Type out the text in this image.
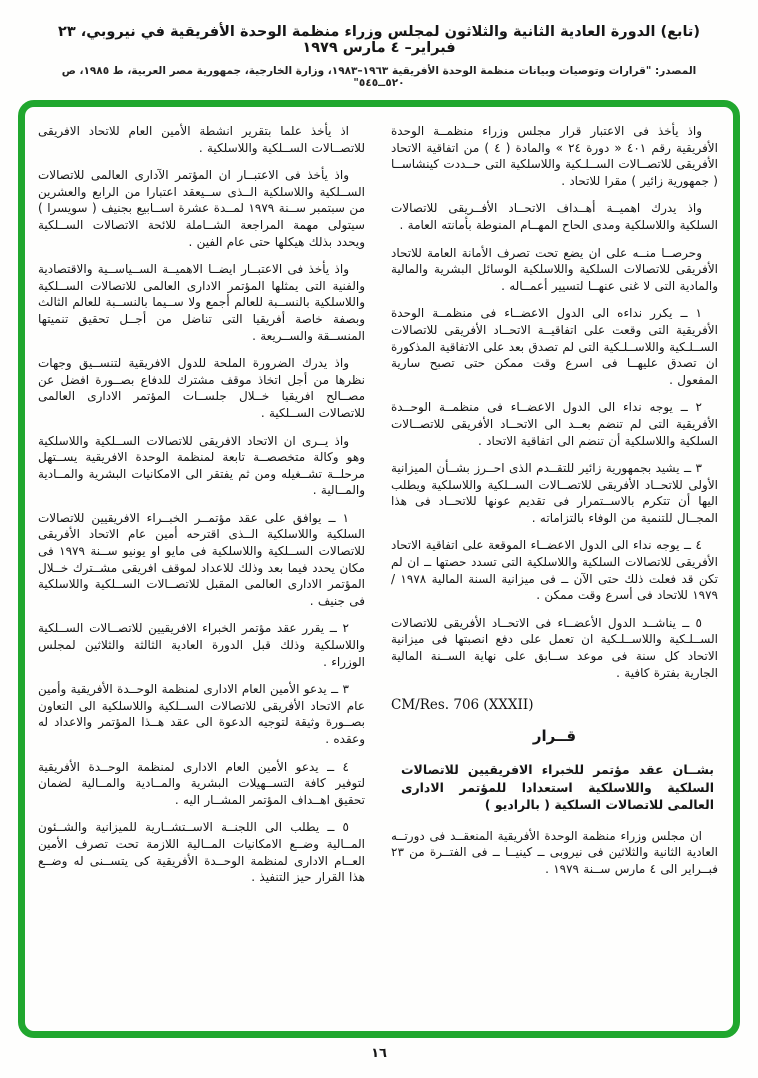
(تابع) الدورة العادية الثانية والثلاثون لمجلس وزراء منظمة الوحدة الأفريقية في نيروبي، ٢٣ فبراير– ٤ مارس ١٩٧٩
المصدر: "قرارات وتوصيات وبيانات منظمة الوحدة الأفريقية ١٩٦٣–١٩٨٣، وزارة الخارجية، جمهورية مصر العربية، ط ١٩٨٥، ص ٥٢٠ــ٥٤٥"

واذ يأخذ فى الاعتبار قرار مجلس وزراء منظمــة الوحدة الأفريقية رقم ٤٠١ « دورة ٢٤ » والمادة ( ٤ ) من اتفاقية الاتحاد الأفريقى للاتصــالات الســلـكية واللاسلكية التى حــددت كينشاســا ( جمهورية زائير ) مقرا للاتحاد .

واذ يدرك اهميــة أهــداف الاتحــاد الأفــريقى للاتصالات السلكية واللاسلكية ومدى الحاح المهــام المنوطة بأمانته العامة .

وحرصــا منــه على ان يضع تحت تصرف الأمانة العامة للاتحاد الأفريقى للاتصالات السلكية واللاسلكية الوسائل البشرية والمالية والمادية التى لا غنى عنهــا لتسيير أعمــاله .

١ ــ يكرر نداءه الى الدول الاعضــاء فى منظمــة الوحدة الأفريقية التى وقعت على اتفاقيــة الاتحــاد الأفريقى للاتصالات الســلـكية واللاســلـكية التى لم تصدق بعد على الاتفاقية المذكورة ان تصدق عليهــا فى اسرع وقت ممكن حتى تصبح سارية المفعول .

٢ ــ يوجه نداء الى الدول الاعضــاء فى منظمــة الوحــدة الأفريقية التى لم تنضم بعــد الى الاتحــاد الأفريقى للاتصــالات السلكية واللاسلكية أن تنضم الى اتفاقية الاتحاد .

٣ ــ يشيد بجمهورية زائير للتقــدم الذى احــرز بشــأن الميزانية الأولى للاتحــاد الأفريقى للاتصــالات الســلكية واللاسلكية ويطلب اليها أن تتكرم بالاســتمرار فى تقديم عونها للاتحــاد فى هذا المجــال للتنمية من الوفاء بالتزاماته .

٤ ــ يوجه نداء الى الدول الاعضــاء الموقعة على اتفاقية الاتحاد الأفريقى للاتصالات السلكية واللاسلكية التى تسدد حصتها ــ ان لم تكن قد فعلت ذلك حتى الآن ــ فى ميزانية السنة المالية ١٩٧٨ / ١٩٧٩ للاتحاد فى أسرع وقت ممكن .

٥ ــ يناشــد الدول الأعضــاء فى الاتحــاد الأفريقى للاتصالات الســلـكية واللاســلـكية ان تعمل على دفع انصبتها فى ميزانية الاتحاد كل سنة فى موعد ســابق على نهاية الســنة المالية الجارية بفترة كافية .

CM/Res. 706 (XXXII)
قــرار
بشــان عقد مؤتمر للخبراء الافريقيين للاتصالات السلكية واللاسلكية استعدادا للمؤتمر الادارى العالمى للاتصالات السلكية ( بالراديو )

ان مجلس وزراء منظمة الوحدة الأفريقية المنعقــد فى دورتــه العادية الثانية والثلاثين فى نيروبى ــ كينيــا ــ فى الفتــرة من ٢٣ فبــراير الى ٤ مارس ســنة ١٩٧٩ .

اذ يأخذ علما بتقرير انشطة الأمين العام للاتحاد الافريقى للاتصــالات الســلكية واللاسلكية .

واذ يأخذ فى الاعتبــار ان المؤتمر الآدارى العالمى للاتصالات الســلكية واللاسلكية الــذى ســيعقد اعتبارا من الرابع والعشرين من سبتمبر ســنة ١٩٧٩ لمــدة عشرة اســابيع بجنيف ( سويسرا ) سيتولى مهمة المراجعة الشــاملة للائحة الاتصالات الســلكية ويحدد بذلك هيكلها حتى عام الفين .

واذ يأخذ فى الاعتبــار ايضــا الاهميــة الســياســية والاقتصادية والفنية التى يمثلها المؤتمر الادارى العالمى للاتصالات الســلكية واللاسلكية بالنســبة للعالم أجمع ولا ســيما بالنســبة للعالم الثالث وبصفة خاصة أفريقيا التى تناضل من أجــل تحقيق تنميتها المنســقة والســريعة .

واذ يدرك الضرورة الملحة للدول الافريقية لتنســيق وجهات نظرها من أجل اتخاذ موقف مشترك للدفاع بصــورة افضل عن مصــالح افريقيا خــلال جلســات المؤتمر الادارى العالمى للاتصالات الســلكية .

واذ يــرى ان الاتحاد الافريقى للاتصالات الســلكية واللاسلكية وهو وكالة متخصصــة تابعة لمنظمة الوحدة الافريقية يســتهل مرحلــة تشــغيله ومن ثم يفتقر الى الامكانيات البشرية والمــادية والمــالية .

١ ــ يوافق على عقد مؤتمــر الخبــراء الافريقيين للاتصالات السلكية واللاسلكية الــذى اقترحه أمين عام الاتحاد الأفريقى للاتصالات الســلكية واللاسلكية فى مايو او يونيو ســنة ١٩٧٩ فى مكان يحدد فيما بعد وذلك للاعداد لموقف افريقى مشــترك خــلال المؤتمر الادارى العالمى المقبل للاتصــالات الســلكية واللاسلكية فى جنيف .

٢ ــ يقرر عقد مؤتمر الخبراء الافريقيين للاتصــالات الســلكية واللاسلكية وذلك قبل الدورة العادية الثالثة والثلاثين لمجلس الوزراء .

٣ ــ يدعو الأمين العام الادارى لمنظمة الوحــدة الأفريقية وأمين عام الاتحاد الأفريقى للاتصالات الســلكية واللاسلكية الى التعاون بصــورة وثيقة لتوجيه الدعوة الى عقد هــذا المؤتمر والاعداد له وعقده .

٤ ــ يدعو الأمين العام الادارى لمنظمة الوحــدة الأفريقية لتوفير كافة التســهيلات البشرية والمــادية والمــالية لضمان تحقيق اهــداف المؤتمر المشــار اليه .

٥ ــ يطلب الى اللجنــة الاســتشــارية للميزانية والشــئون المــالية وضــع الامكانيات المــالية اللازمة تحت تصرف الأمين العــام الادارى لمنظمة الوحــدة الأفريقية كى يتســنى له وضــع هذا القرار حيز التنفيذ .

١٦
